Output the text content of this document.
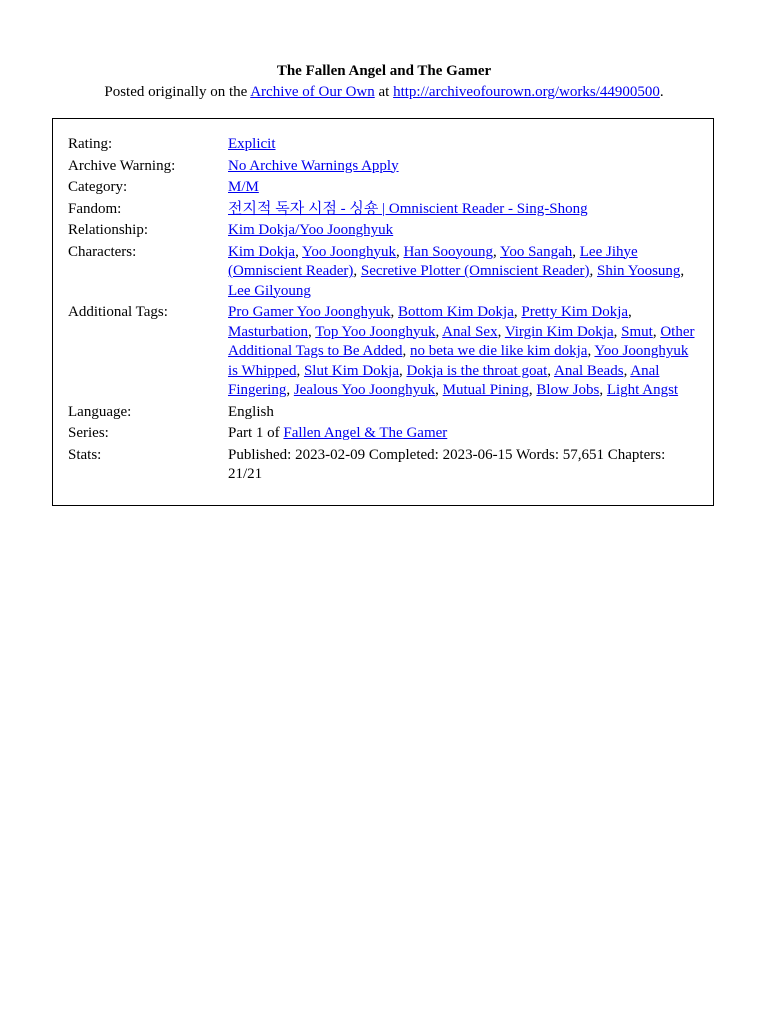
The Fallen Angel and The Gamer
Posted originally on the Archive of Our Own at http://archiveofourown.org/works/44900500.
Rating:	Explicit
Archive Warning:	No Archive Warnings Apply
Category:	M/M
Fandom:	전지적 독자 시점 - 싱숑 | Omniscient Reader - Sing-Shong
Relationship:	Kim Dokja/Yoo Joonghyuk
Characters:	Kim Dokja, Yoo Joonghyuk, Han Sooyoung, Yoo Sangah, Lee Jihye (Omniscient Reader), Secretive Plotter (Omniscient Reader), Shin Yoosung, Lee Gilyoung
Additional Tags:	Pro Gamer Yoo Joonghyuk, Bottom Kim Dokja, Pretty Kim Dokja, Masturbation, Top Yoo Joonghyuk, Anal Sex, Virgin Kim Dokja, Smut, Other Additional Tags to Be Added, no beta we die like kim dokja, Yoo Joonghyuk is Whipped, Slut Kim Dokja, Dokja is the throat goat, Anal Beads, Anal Fingering, Jealous Yoo Joonghyuk, Mutual Pining, Blow Jobs, Light Angst
Language:	English
Series:	Part 1 of Fallen Angel & The Gamer
Stats:	Published: 2023-02-09 Completed: 2023-06-15 Words: 57,651 Chapters: 21/21
